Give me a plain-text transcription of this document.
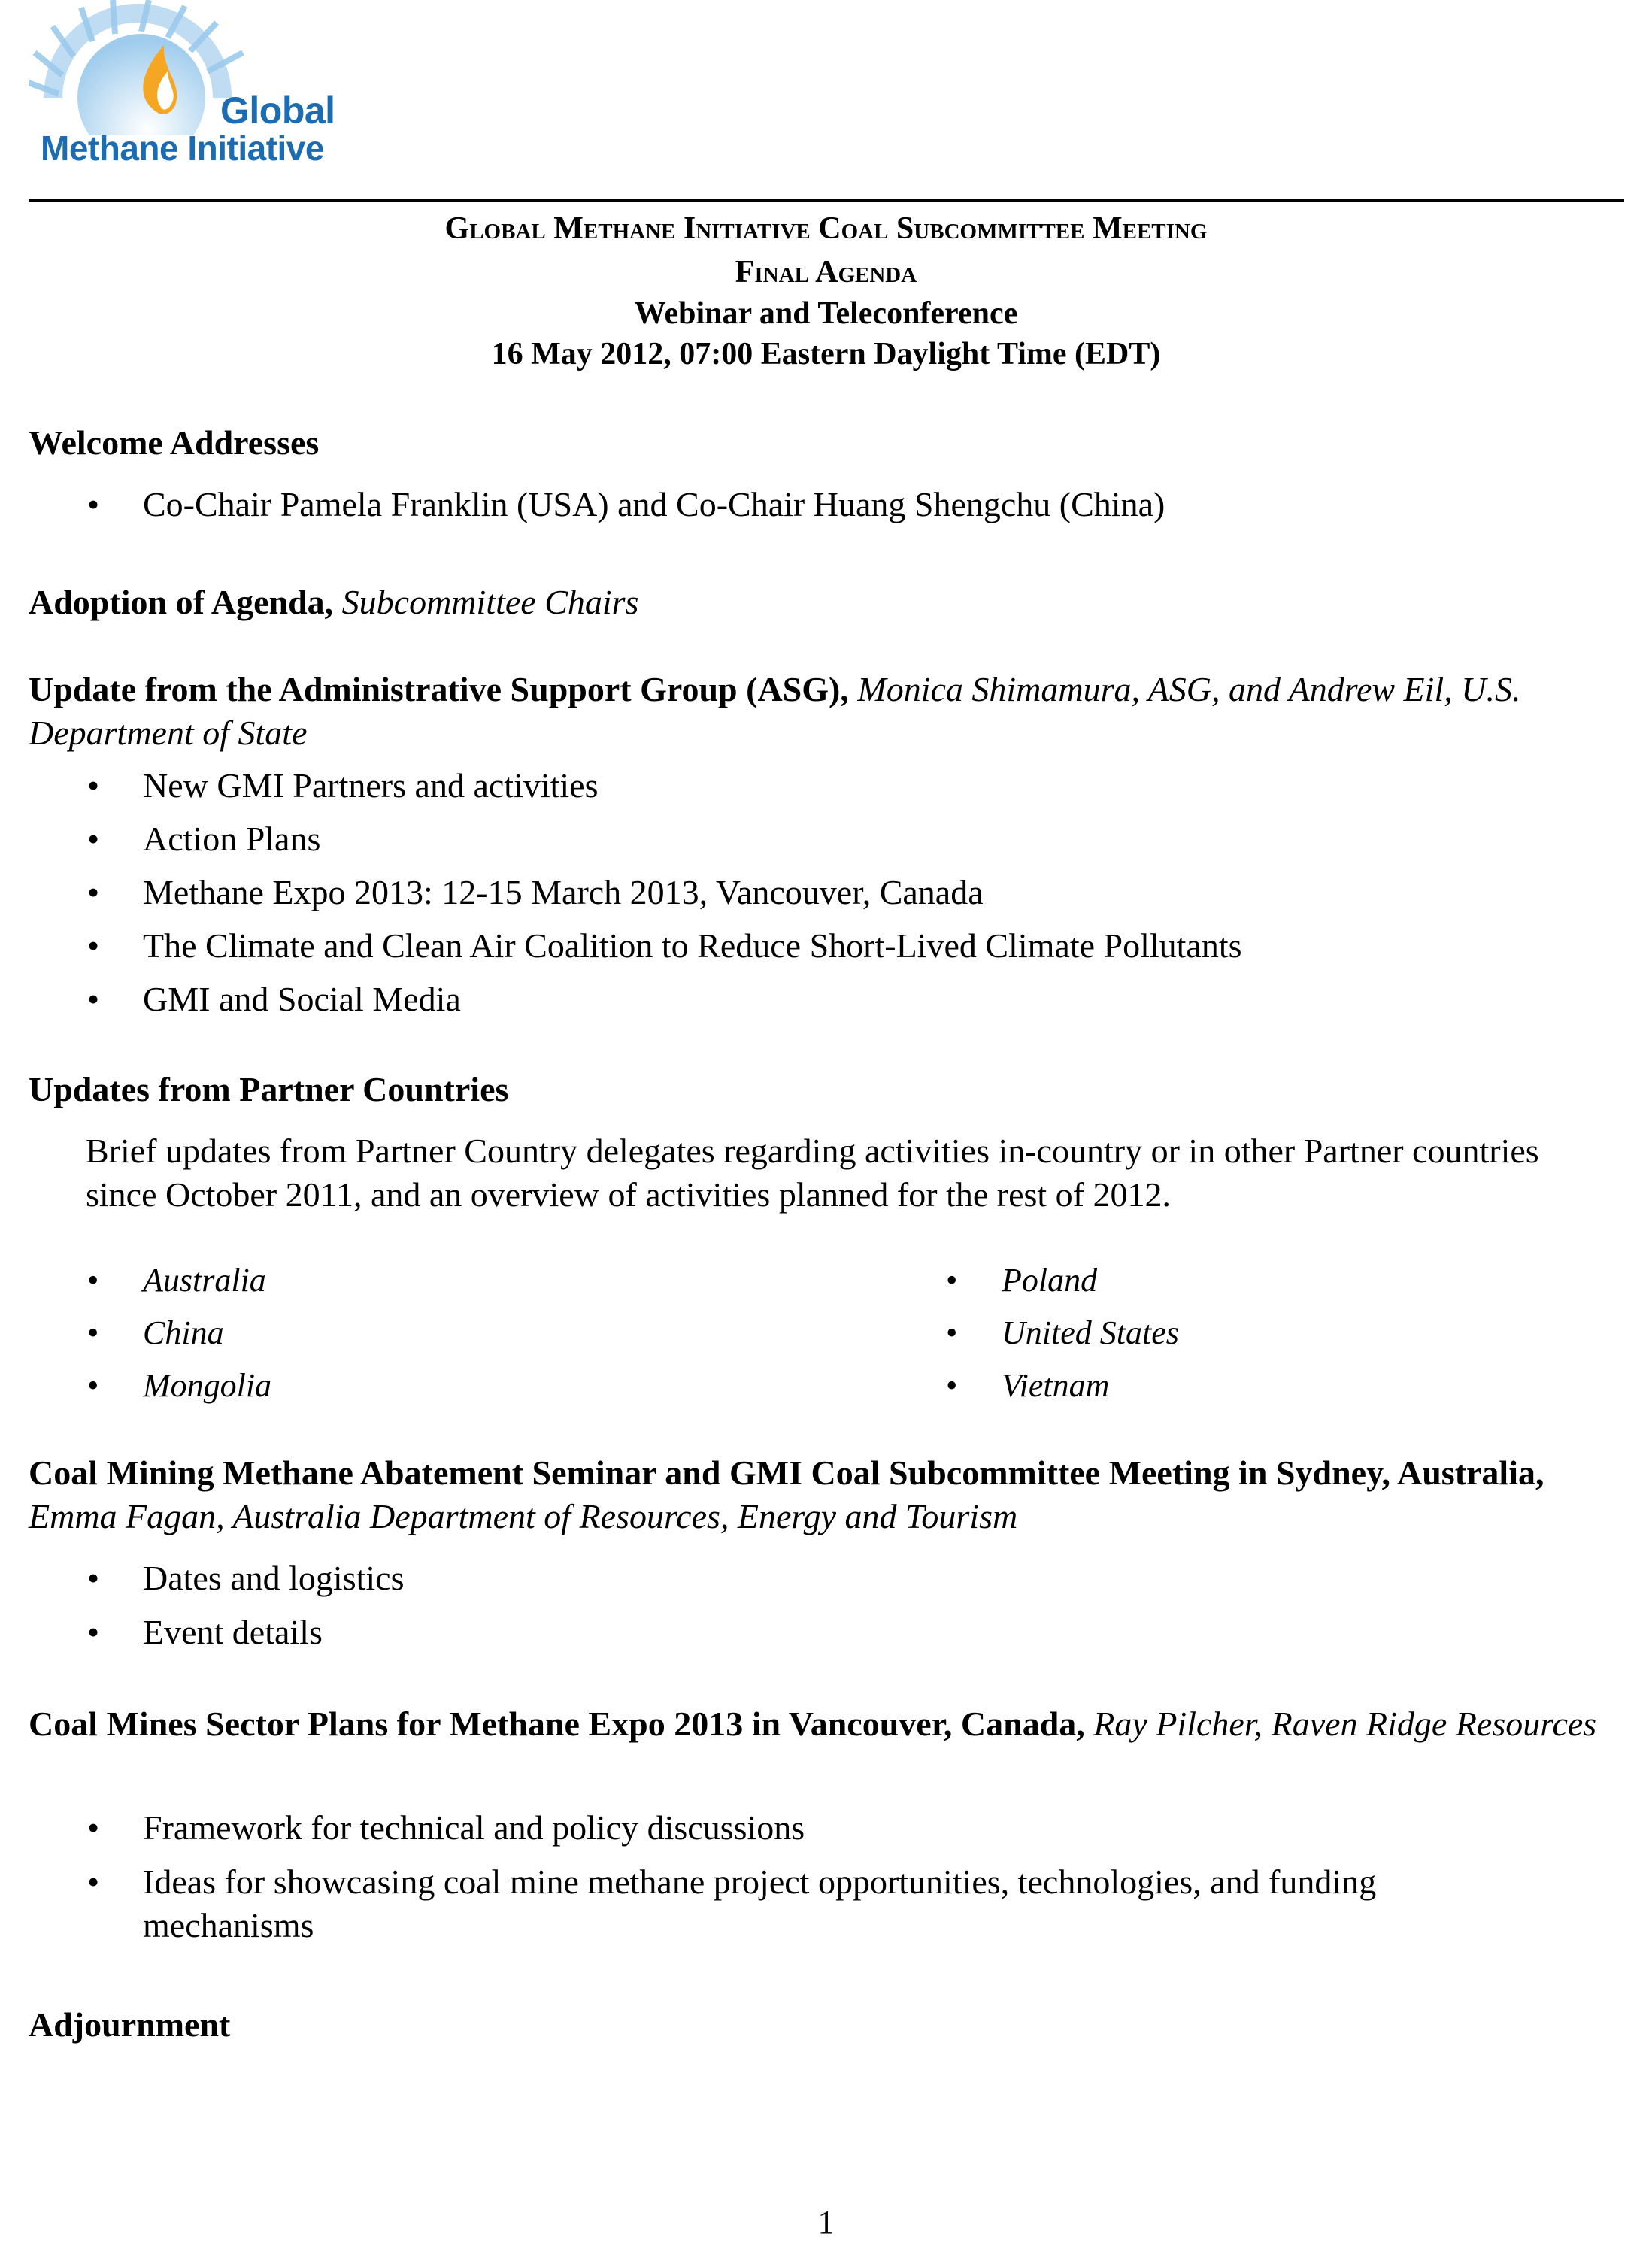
Global
Methane Initiative
Global Methane Initiative Coal Subcommittee Meeting
Final Agenda
Webinar and Teleconference
16 May 2012, 07:00 Eastern Daylight Time (EDT)
Welcome Addresses
• Co-Chair Pamela Franklin (USA) and Co-Chair Huang Shengchu (China)
Adoption of Agenda, Subcommittee Chairs
Update from the Administrative Support Group (ASG), Monica Shimamura, ASG, and Andrew Eil, U.S. Department of State
• New GMI Partners and activities
• Action Plans
• Methane Expo 2013: 12-15 March 2013, Vancouver, Canada
• The Climate and Clean Air Coalition to Reduce Short-Lived Climate Pollutants
• GMI and Social Media
Updates from Partner Countries
Brief updates from Partner Country delegates regarding activities in-country or in other Partner countries since October 2011, and an overview of activities planned for the rest of 2012.
• Australia
• China
• Mongolia
• Poland
• United States
• Vietnam
Coal Mining Methane Abatement Seminar and GMI Coal Subcommittee Meeting in Sydney, Australia, Emma Fagan, Australia Department of Resources, Energy and Tourism
• Dates and logistics
• Event details
Coal Mines Sector Plans for Methane Expo 2013 in Vancouver, Canada, Ray Pilcher, Raven Ridge Resources
• Framework for technical and policy discussions
• Ideas for showcasing coal mine methane project opportunities, technologies, and funding mechanisms
Adjournment
1
